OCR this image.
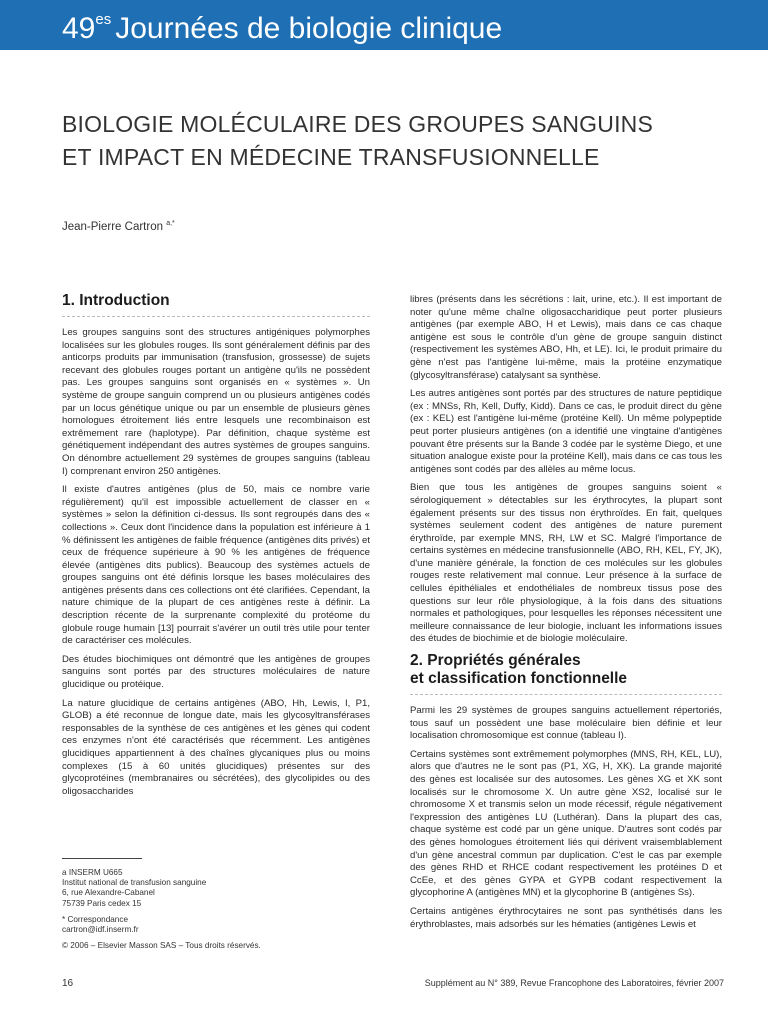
$49^{es}$ Journées de biologie clinique
BIOLOGIE MOLÉCULAIRE DES GROUPES SANGUINS
ET IMPACT EN MÉDECINE TRANSFUSIONNELLE
Jean-Pierre Cartron $^{a,*}$
1. Introduction

Les groupes sanguins sont des structures antigéniques polymorphes localisées sur les globules rouges. Ils sont généralement définis par des anticorps produits par immunisation (transfusion, grossesse) de sujets recevant des globules rouges portant un antigène qu'ils ne possèdent pas. Les groupes sanguins sont organisés en « systèmes ». Un système de groupe sanguin comprend un ou plusieurs antigènes codés par un locus génétique unique ou par un ensemble de plusieurs gènes homologues étroitement liés entre lesquels une recombinaison est extrêmement rare (haplotype). Par définition, chaque système est génétiquement indépendant des autres systèmes de groupes sanguins. On dénombre actuellement 29 systèmes de groupes sanguins (tableau I) comprenant environ 250 antigènes.

Il existe d'autres antigènes (plus de 50, mais ce nombre varie régulièrement) qu'il est impossible actuellement de classer en « systèmes » selon la définition ci-dessus. Ils sont regroupés dans des « collections ». Ceux dont l'incidence dans la population est inférieure à 1 % définissent les antigènes de faible fréquence (antigènes dits privés) et ceux de fréquence supérieure à 90 % les antigènes de fréquence élevée (antigènes dits publics). Beaucoup des systèmes actuels de groupes sanguins ont été définis lorsque les bases moléculaires des antigènes présents dans ces collections ont été clarifiées. Cependant, la nature chimique de la plupart de ces antigènes reste à définir. La description récente de la surprenante complexité du protéome du globule rouge humain [13] pourrait s'avérer un outil très utile pour tenter de caractériser ces molécules.

Des études biochimiques ont démontré que les antigènes de groupes sanguins sont portés par des structures moléculaires de nature glucidique ou protéique.

La nature glucidique de certains antigènes (ABO, Hh, Lewis, I, P1, GLOB) a été reconnue de longue date, mais les glycosyltransférases responsables de la synthèse de ces antigènes et les gènes qui codent ces enzymes n'ont été caractérisés que récemment. Les antigènes glucidiques appartiennent à des chaînes glycaniques plus ou moins complexes (15 à 60 unités glucidiques) présentes sur des glycoprotéines (membranaires ou sécrétées), des glycolipides ou des oligosaccharides

libres (présents dans les sécrétions : lait, urine, etc.). Il est important de noter qu'une même chaîne oligosaccharidique peut porter plusieurs antigènes (par exemple ABO, H et Lewis), mais dans ce cas chaque antigène est sous le contrôle d'un gène de groupe sanguin distinct (respectivement les systèmes ABO, Hh, et LE). Ici, le produit primaire du gène n'est pas l'antigène lui-même, mais la protéine enzymatique (glycosyltransférase) catalysant sa synthèse.

Les autres antigènes sont portés par des structures de nature peptidique (ex : MNSs, Rh, Kell, Duffy, Kidd). Dans ce cas, le produit direct du gène (ex : KEL) est l'antigène lui-même (protéine Kell). Un même polypeptide peut porter plusieurs antigènes (on a identifié une vingtaine d'antigènes pouvant être présents sur la Bande 3 codée par le système Diego, et une situation analogue existe pour la protéine Kell), mais dans ce cas tous les antigènes sont codés par des allèles au même locus.

Bien que tous les antigènes de groupes sanguins soient « sérologiquement » détectables sur les érythrocytes, la plupart sont également présents sur des tissus non érythroïdes. En fait, quelques systèmes seulement codent des antigènes de nature purement érythroïde, par exemple MNS, RH, LW et SC. Malgré l'importance de certains systèmes en médecine transfusionnelle (ABO, RH, KEL, FY, JK), d'une manière générale, la fonction de ces molécules sur les globules rouges reste relativement mal connue. Leur présence à la surface de cellules épithéliales et endothéliales de nombreux tissus pose des questions sur leur rôle physiologique, à la fois dans des situations normales et pathologiques, pour lesquelles les réponses nécessitent une meilleure connaissance de leur biologie, incluant les informations issues des études de biochimie et de biologie moléculaire.

2. Propriétés générales
et classification fonctionnelle

Parmi les 29 systèmes de groupes sanguins actuellement répertoriés, tous sauf un possèdent une base moléculaire bien définie et leur localisation chromosomique est connue (tableau I).

Certains systèmes sont extrêmement polymorphes (MNS, RH, KEL, LU), alors que d'autres ne le sont pas (P1, XG, H, XK). La grande majorité des gènes est localisée sur des autosomes. Les gènes XG et XK sont localisés sur le chromosome X. Un autre gène XS2, localisé sur le chromosome X et transmis selon un mode récessif, régule négativement l'expression des antigènes LU (Luthéran). Dans la plupart des cas, chaque système est codé par un gène unique. D'autres sont codés par des gènes homologues étroitement liés qui dérivent vraisemblablement d'un gène ancestral commun par duplication. C'est le cas par exemple des gènes RHD et RHCE codant respectivement les protéines D et CcEe, et des gènes GYPA et GYPB codant respectivement la glycophorine A (antigènes MN) et la glycophorine B (antigènes Ss).

Certains antigènes érythrocytaires ne sont pas synthétisés dans les érythroblastes, mais adsorbés sur les hématies (antigènes Lewis et

a INSERM U665
Institut national de transfusion sanguine
6, rue Alexandre-Cabanel
75739 Paris cedex 15
* Correspondance
cartron@idf.inserm.fr
© 2006 – Elsevier Masson SAS – Tous droits réservés.
16	Supplément au N° 389, Revue Francophone des Laboratoires, février 2007
